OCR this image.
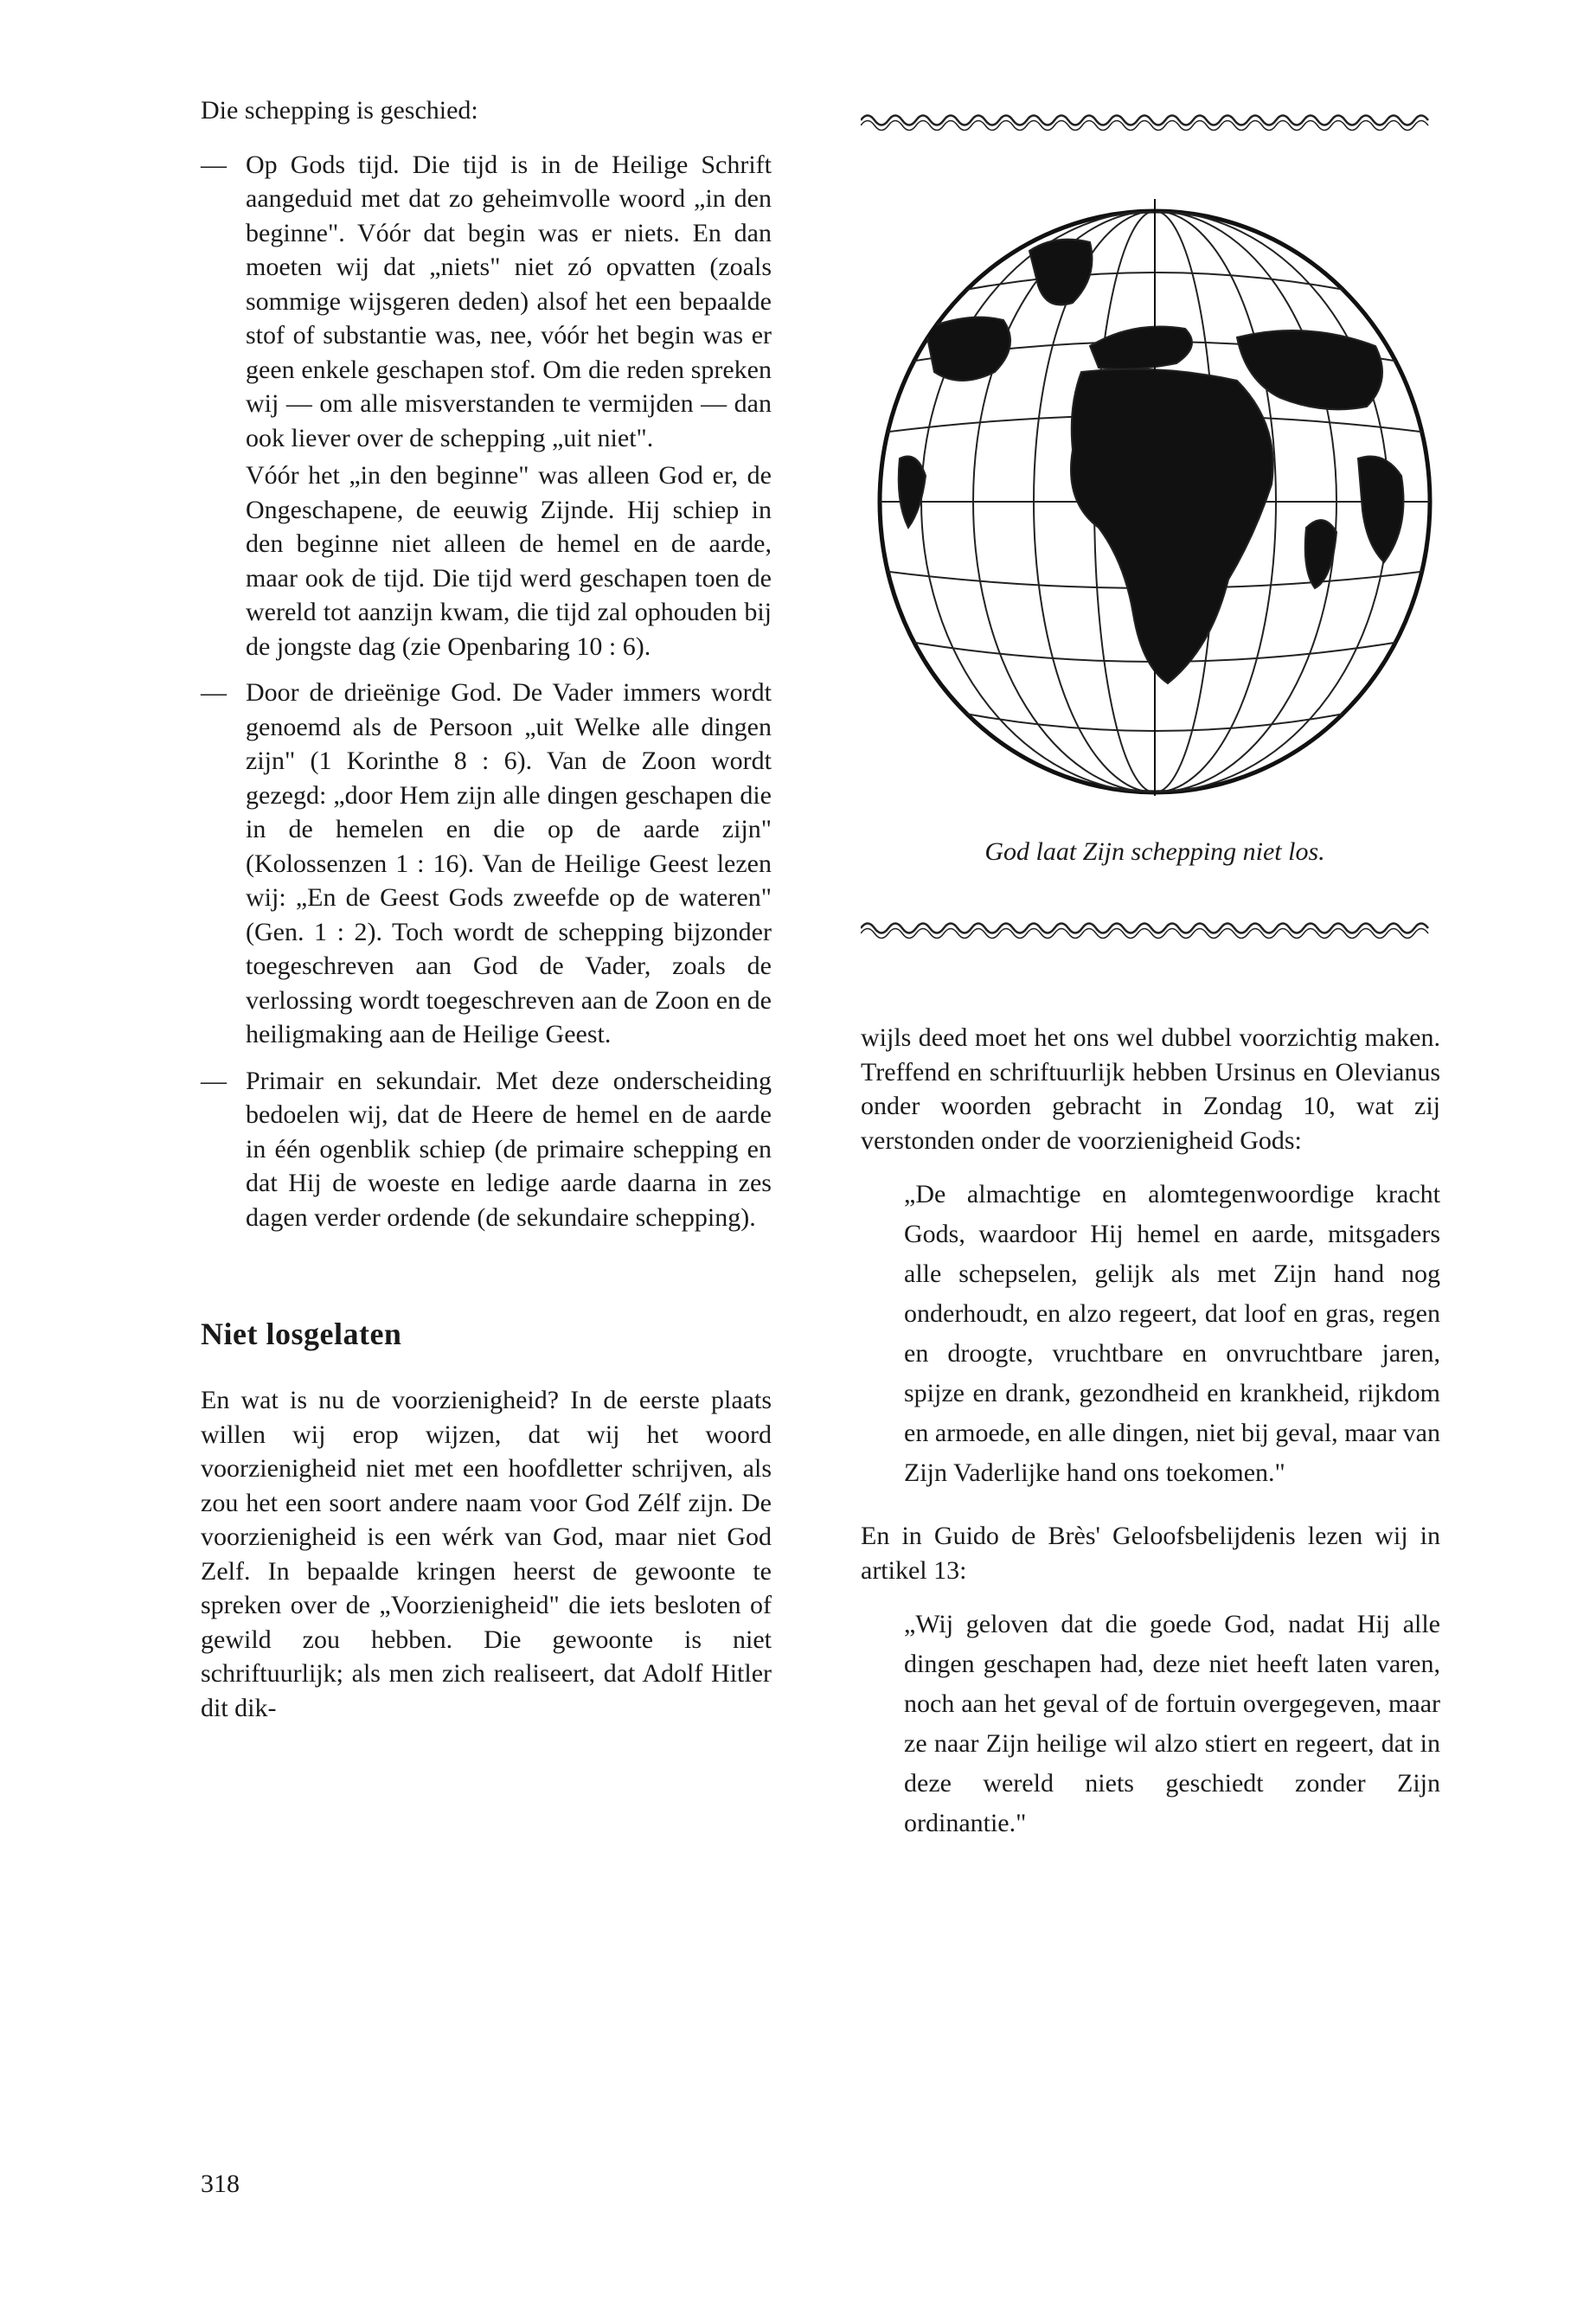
Die schepping is geschied:

— Op Gods tijd. Die tijd is in de Heilige Schrift aangeduid met dat zo geheimvolle woord „in den beginne". Vóór dat begin was er niets. En dan moeten wij dat „niets" niet zó opvatten (zoals sommige wijsgeren deden) alsof het een bepaalde stof of substantie was, nee, vóór het begin was er geen enkele geschapen stof. Om die reden spreken wij — om alle misverstanden te vermijden — dan ook liever over de schepping „uit niet".

Vóór het „in den beginne" was alleen God er, de Ongeschapene, de eeuwig Zijnde. Hij schiep in den beginne niet alleen de hemel en de aarde, maar ook de tijd. Die tijd werd geschapen toen de wereld tot aanzijn kwam, die tijd zal ophouden bij de jongste dag (zie Openbaring 10 : 6).

— Door de drieënige God. De Vader immers wordt genoemd als de Persoon „uit Welke alle dingen zijn" (1 Korinthe 8 : 6). Van de Zoon wordt gezegd: „door Hem zijn alle dingen geschapen die in de hemelen en die op de aarde zijn" (Kolossenzen 1 : 16). Van de Heilige Geest lezen wij: „En de Geest Gods zweefde op de wateren" (Gen. 1 : 2). Toch wordt de schepping bijzonder toegeschreven aan God de Vader, zoals de verlossing wordt toegeschreven aan de Zoon en de heiligmaking aan de Heilige Geest.

— Primair en sekundair. Met deze onderscheiding bedoelen wij, dat de Heere de hemel en de aarde in één ogenblik schiep (de primaire schepping en dat Hij de woeste en ledige aarde daarna in zes dagen verder ordende (de sekundaire schepping).

Niet losgelaten

En wat is nu de voorzienigheid? In de eerste plaats willen wij erop wijzen, dat wij het woord voorzienigheid niet met een hoofdletter schrijven, als zou het een soort andere naam voor God Zélf zijn. De voorzienigheid is een wérk van God, maar niet God Zelf. In bepaalde kringen heerst de gewoonte te spreken over de „Voorzienigheid" die iets besloten of gewild zou hebben. Die gewoonte is niet schriftuurlijk; als men zich realiseert, dat Adolf Hitler dit dik-

God laat Zijn schepping niet los.

wijls deed moet het ons wel dubbel voorzichtig maken. Treffend en schriftuurlijk hebben Ursinus en Olevianus onder woorden gebracht in Zondag 10, wat zij verstonden onder de voorzienigheid Gods:

„De almachtige en alomtegenwoordige kracht Gods, waardoor Hij hemel en aarde, mitsgaders alle schepselen, gelijk als met Zijn hand nog onderhoudt, en alzo regeert, dat loof en gras, regen en droogte, vruchtbare en onvruchtbare jaren, spijze en drank, gezondheid en krankheid, rijkdom en armoede, en alle dingen, niet bij geval, maar van Zijn Vaderlijke hand ons toekomen."

En in Guido de Brès' Geloofsbelijdenis lezen wij in artikel 13:

„Wij geloven dat die goede God, nadat Hij alle dingen geschapen had, deze niet heeft laten varen, noch aan het geval of de fortuin overgegeven, maar ze naar Zijn heilige wil alzo stiert en regeert, dat in deze wereld niets geschiedt zonder Zijn ordinantie."

318
